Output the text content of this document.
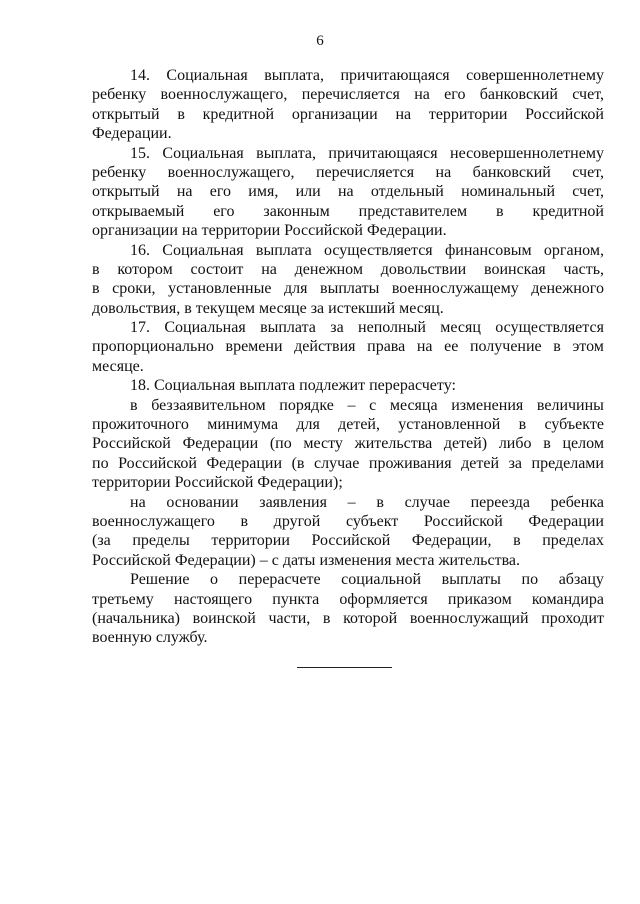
6
14. Социальная выплата, причитающаяся совершеннолетнему
ребенку военнослужащего, перечисляется на его банковский счет,
открытый в кредитной организации на территории Российской
Федерации.
15. Социальная выплата, причитающаяся несовершеннолетнему
ребенку военнослужащего, перечисляется на банковский счет,
открытый на его имя, или на отдельный номинальный счет,
открываемый его законным представителем в кредитной
организации на территории Российской Федерации.
16. Социальная выплата осуществляется финансовым органом,
в котором состоит на денежном довольствии воинская часть,
в сроки, установленные для выплаты военнослужащему денежного
довольствия, в текущем месяце за истекший месяц.
17. Социальная выплата за неполный месяц осуществляется
пропорционально времени действия права на ее получение в этом
месяце.
18. Социальная выплата подлежит перерасчету:
в беззаявительном порядке – с месяца изменения величины
прожиточного минимума для детей, установленной в субъекте
Российской Федерации (по месту жительства детей) либо в целом
по Российской Федерации (в случае проживания детей за пределами
территории Российской Федерации);
на основании заявления – в случае переезда ребенка
военнослужащего в другой субъект Российской Федерации
(за пределы территории Российской Федерации, в пределах
Российской Федерации) – с даты изменения места жительства.
Решение о перерасчете социальной выплаты по абзацу
третьему настоящего пункта оформляется приказом командира
(начальника) воинской части, в которой военнослужащий проходит
военную службу.
